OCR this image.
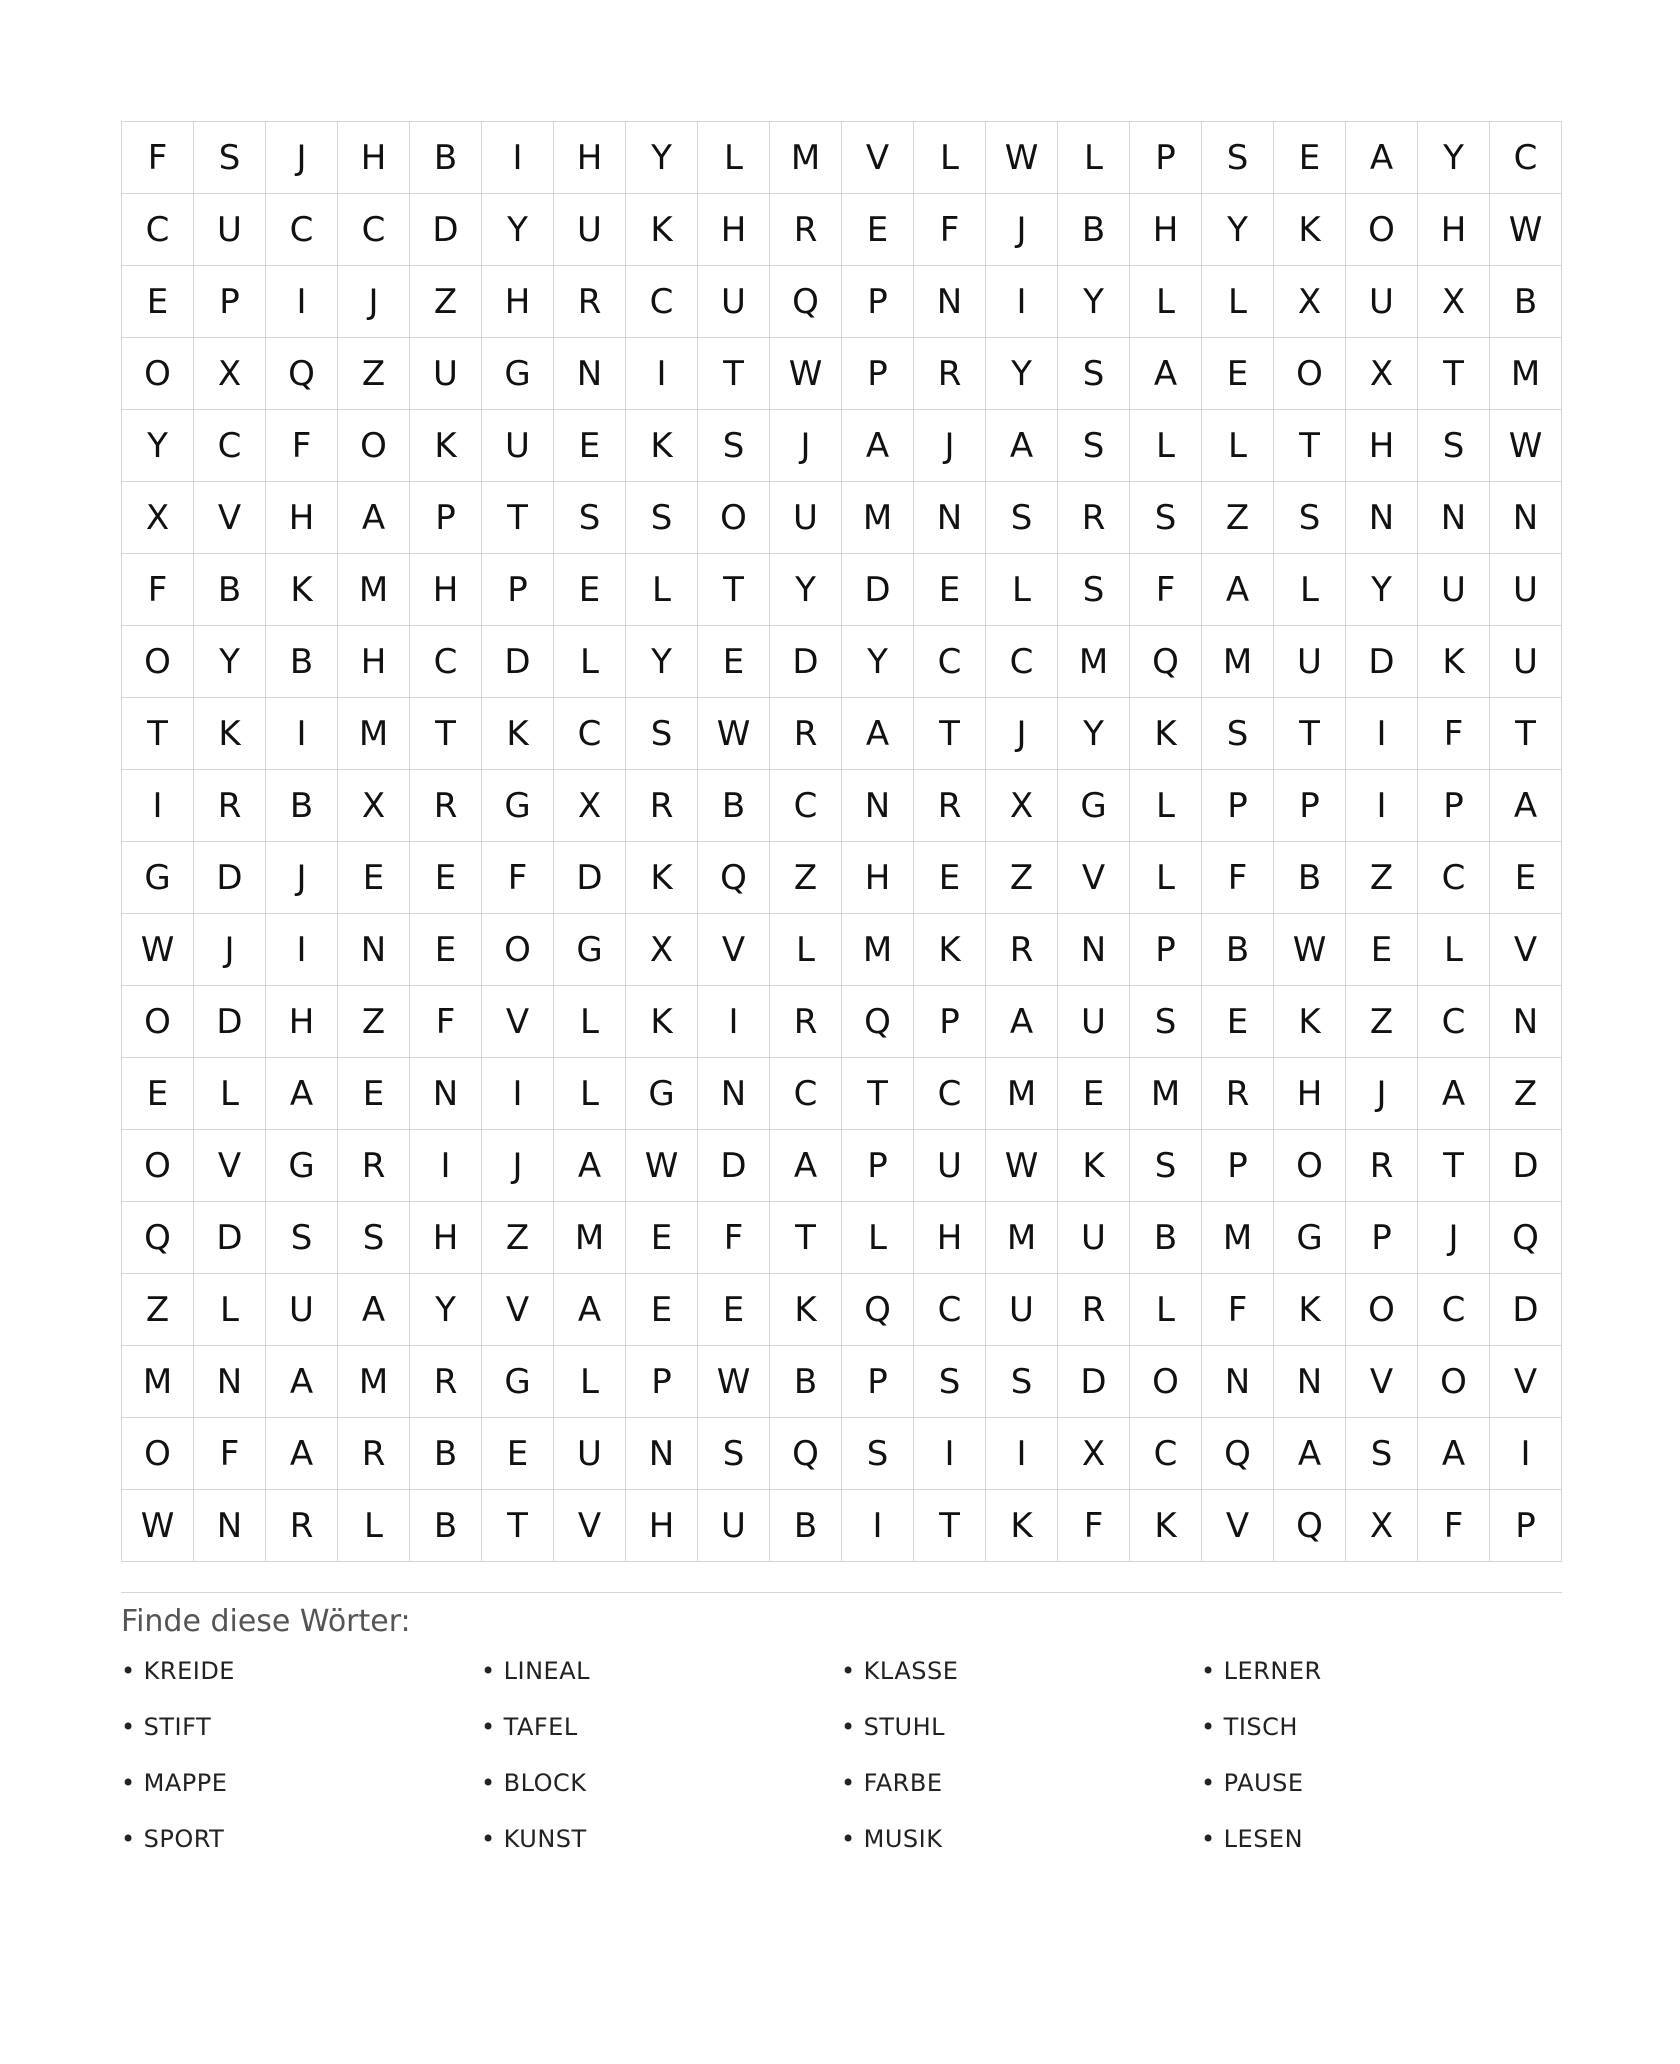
F	S	J	H	B	I	H	Y	L	M	V	L	W	L	P	S	E	A	Y	C
C	U	C	C	D	Y	U	K	H	R	E	F	J	B	H	Y	K	O	H	W
E	P	I	J	Z	H	R	C	U	Q	P	N	I	Y	L	L	X	U	X	B
O	X	Q	Z	U	G	N	I	T	W	P	R	Y	S	A	E	O	X	T	M
Y	C	F	O	K	U	E	K	S	J	A	J	A	S	L	L	T	H	S	W
X	V	H	A	P	T	S	S	O	U	M	N	S	R	S	Z	S	N	N	N
F	B	K	M	H	P	E	L	T	Y	D	E	L	S	F	A	L	Y	U	U
O	Y	B	H	C	D	L	Y	E	D	Y	C	C	M	Q	M	U	D	K	U
T	K	I	M	T	K	C	S	W	R	A	T	J	Y	K	S	T	I	F	T
I	R	B	X	R	G	X	R	B	C	N	R	X	G	L	P	P	I	P	A
G	D	J	E	E	F	D	K	Q	Z	H	E	Z	V	L	F	B	Z	C	E
W	J	I	N	E	O	G	X	V	L	M	K	R	N	P	B	W	E	L	V
O	D	H	Z	F	V	L	K	I	R	Q	P	A	U	S	E	K	Z	C	N
E	L	A	E	N	I	L	G	N	C	T	C	M	E	M	R	H	J	A	Z
O	V	G	R	I	J	A	W	D	A	P	U	W	K	S	P	O	R	T	D
Q	D	S	S	H	Z	M	E	F	T	L	H	M	U	B	M	G	P	J	Q
Z	L	U	A	Y	V	A	E	E	K	Q	C	U	R	L	F	K	O	C	D
M	N	A	M	R	G	L	P	W	B	P	S	S	D	O	N	N	V	O	V
O	F	A	R	B	E	U	N	S	Q	S	I	I	X	C	Q	A	S	A	I
W	N	R	L	B	T	V	H	U	B	I	T	K	F	K	V	Q	X	F	P
Finde diese Wörter:
• KREIDE	• LINEAL	• KLASSE	• LERNER
• STIFT	• TAFEL	• STUHL	• TISCH
• MAPPE	• BLOCK	• FARBE	• PAUSE
• SPORT	• KUNST	• MUSIK	• LESEN
